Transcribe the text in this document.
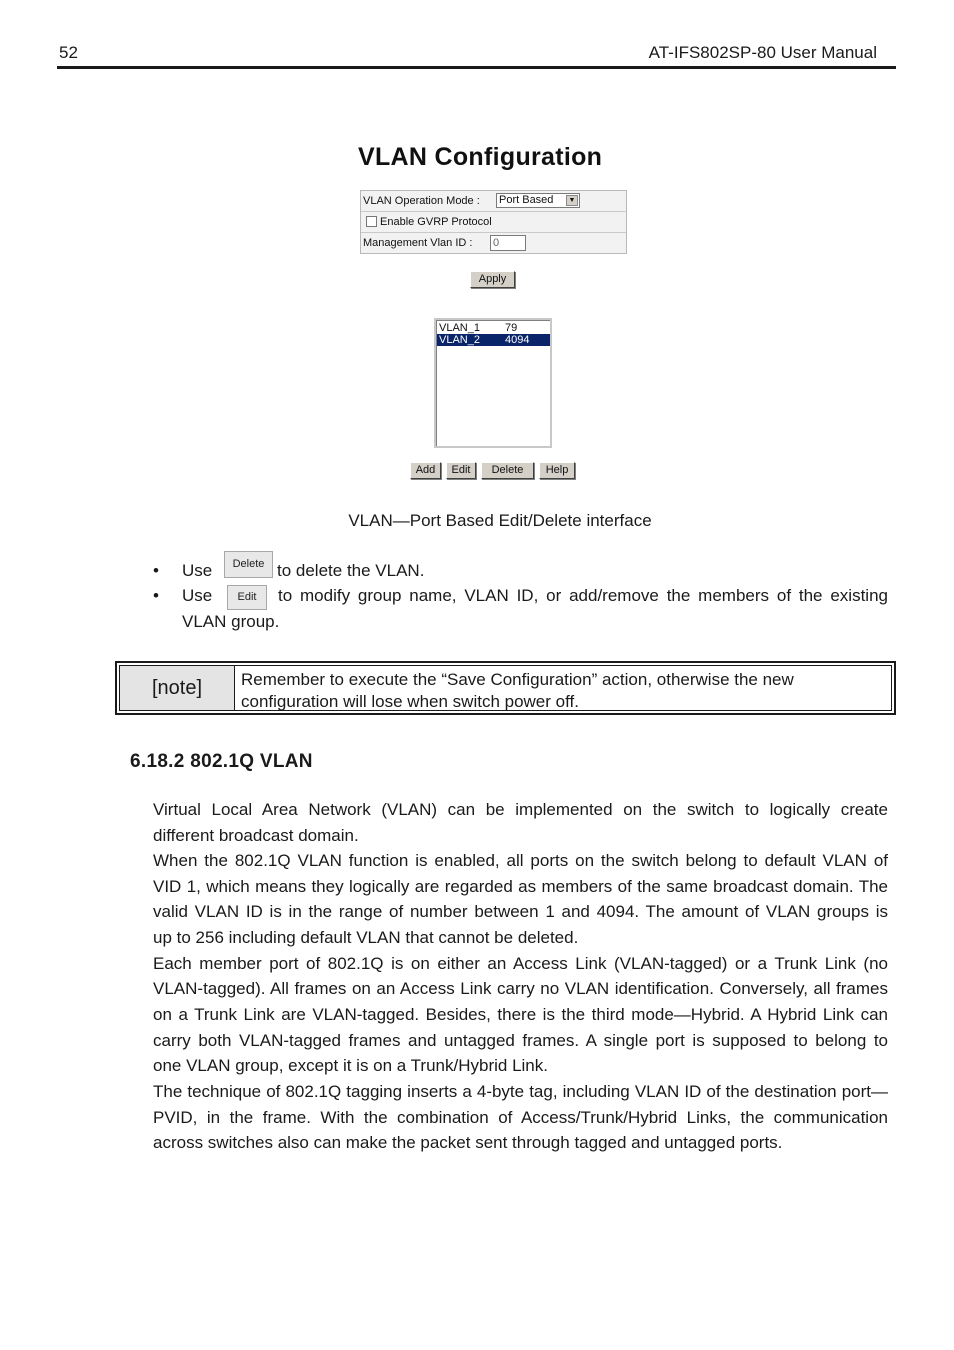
52	AT-IFS802SP-80 User Manual
VLAN Configuration
VLAN Operation Mode : Port Based	▼
Enable GVRP Protocol
Management Vlan ID : 0
Apply
VLAN_1 79
VLAN_2 4094
Add	Edit	Delete	Help
VLAN—Port Based Edit/Delete interface
• Use	Delete to delete the VLAN.
• Use	Edit	to modify group name, VLAN ID, or add/remove the members of the existing
VLAN group.
[note]	Remember to execute the “Save Configuration” action, otherwise the new
configuration will lose when switch power off.
6.18.2 802.1Q VLAN
Virtual Local Area Network (VLAN) can be implemented on the switch to logically create
different broadcast domain.
When the 802.1Q VLAN function is enabled, all ports on the switch belong to default VLAN of
VID 1, which means they logically are regarded as members of the same broadcast domain. The
valid VLAN ID is in the range of number between 1 and 4094. The amount of VLAN groups is
up to 256 including default VLAN that cannot be deleted.
Each member port of 802.1Q is on either an Access Link (VLAN-tagged) or a Trunk Link (no
VLAN-tagged). All frames on an Access Link carry no VLAN identification. Conversely, all frames
on a Trunk Link are VLAN-tagged. Besides, there is the third mode—Hybrid. A Hybrid Link can
carry both VLAN-tagged frames and untagged frames. A single port is supposed to belong to
one VLAN group, except it is on a Trunk/Hybrid Link.
The technique of 802.1Q tagging inserts a 4-byte tag, including VLAN ID of the destination port—
PVID, in the frame. With the combination of Access/Trunk/Hybrid Links, the communication
across switches also can make the packet sent through tagged and untagged ports.
